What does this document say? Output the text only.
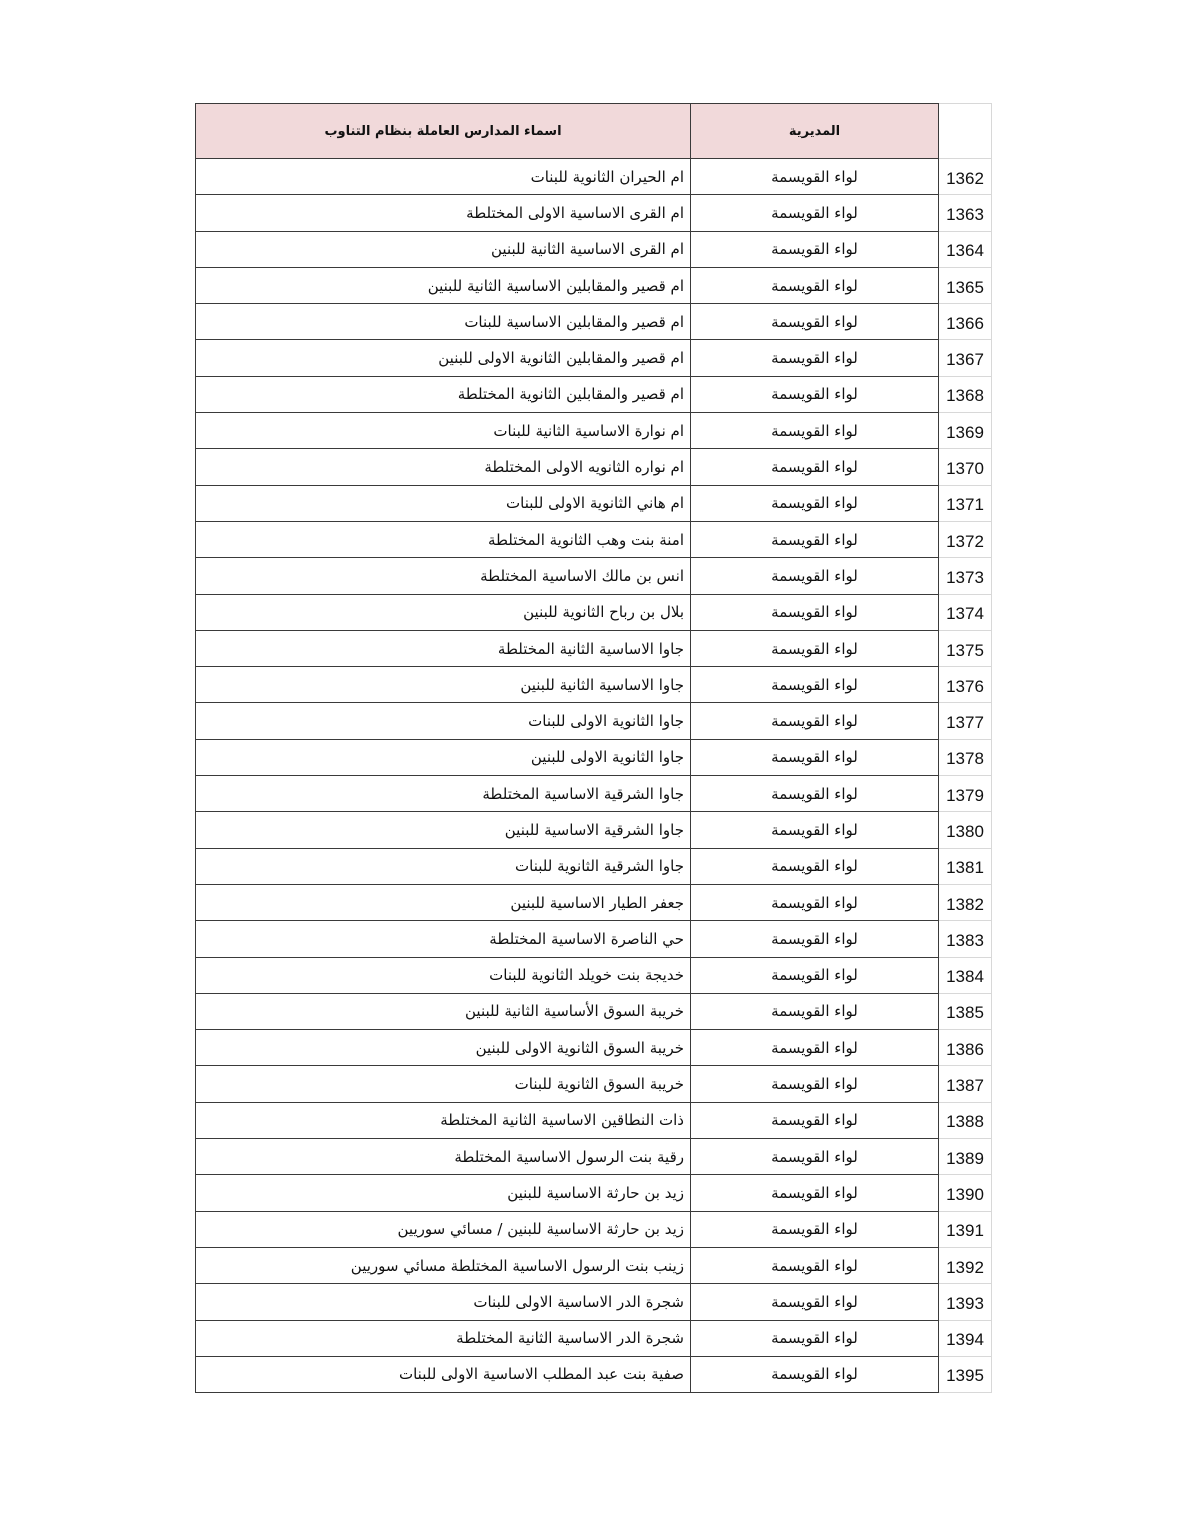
اسماء المدارس العاملة بنظام التناوب	المديرية	
ام الحيران الثانوية للبنات	لواء القويسمة	1362
ام القرى الاساسية الاولى المختلطة	لواء القويسمة	1363
ام القرى الاساسية الثانية للبنين	لواء القويسمة	1364
ام قصير والمقابلين الاساسية الثانية للبنين	لواء القويسمة	1365
ام قصير والمقابلين الاساسية للبنات	لواء القويسمة	1366
ام قصير والمقابلين الثانوية الاولى للبنين	لواء القويسمة	1367
ام قصير والمقابلين الثانوية المختلطة	لواء القويسمة	1368
ام نوارة الاساسية الثانية للبنات	لواء القويسمة	1369
ام نواره الثانويه الاولى المختلطة	لواء القويسمة	1370
ام هاني الثانوية الاولى للبنات	لواء القويسمة	1371
امنة بنت وهب الثانوية المختلطة	لواء القويسمة	1372
انس بن مالك الاساسية المختلطة	لواء القويسمة	1373
بلال بن رباح الثانوية للبنين	لواء القويسمة	1374
جاوا الاساسية الثانية المختلطة	لواء القويسمة	1375
جاوا الاساسية الثانية للبنين	لواء القويسمة	1376
جاوا الثانوية الاولى للبنات	لواء القويسمة	1377
جاوا الثانوية الاولى للبنين	لواء القويسمة	1378
جاوا الشرقية الاساسية المختلطة	لواء القويسمة	1379
جاوا الشرقية الاساسية للبنين	لواء القويسمة	1380
جاوا الشرقية الثانوية للبنات	لواء القويسمة	1381
جعفر الطيار الاساسية للبنين	لواء القويسمة	1382
حي الناصرة الاساسية المختلطة	لواء القويسمة	1383
خديجة بنت خويلد الثانوية للبنات	لواء القويسمة	1384
خريبة السوق الأساسية الثانية للبنين	لواء القويسمة	1385
خريبة السوق الثانوية الاولى للبنين	لواء القويسمة	1386
خريبة السوق الثانوية للبنات	لواء القويسمة	1387
ذات النطاقين الاساسية الثانية المختلطة	لواء القويسمة	1388
رقية بنت الرسول الاساسية المختلطة	لواء القويسمة	1389
زيد بن حارثة الاساسية للبنين	لواء القويسمة	1390
زيد بن حارثة الاساسية للبنين / مسائي سوريين	لواء القويسمة	1391
زينب بنت الرسول الاساسية المختلطة مسائي سوريين	لواء القويسمة	1392
شجرة الدر الاساسية الاولى للبنات	لواء القويسمة	1393
شجرة الدر الاساسية الثانية المختلطة	لواء القويسمة	1394
صفية بنت عبد المطلب الاساسية الاولى للبنات	لواء القويسمة	1395
